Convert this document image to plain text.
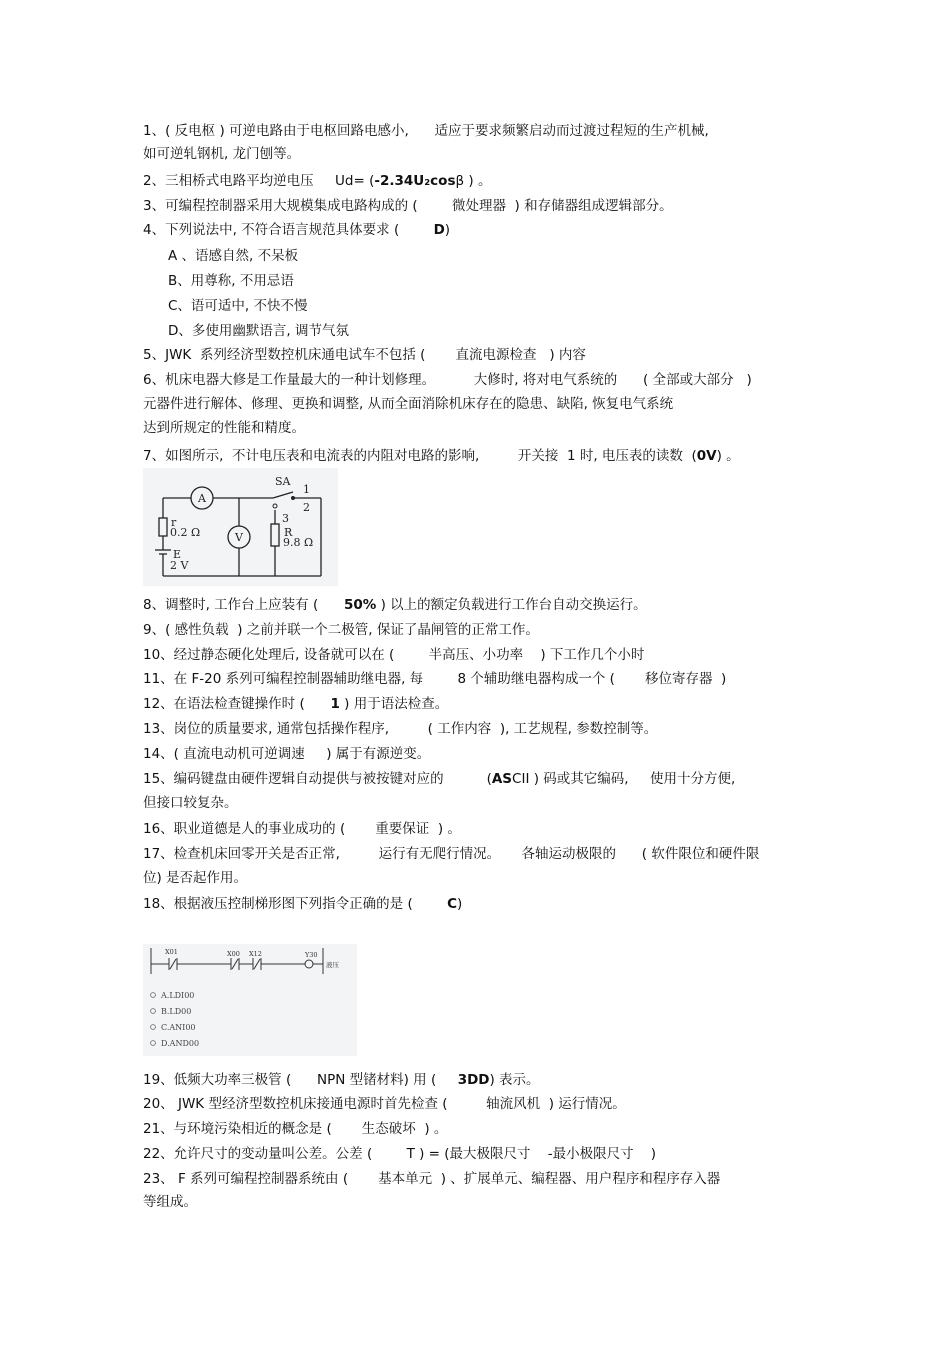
1、( 反电枢 ) 可逆电路由于电枢回路电感小,      适应于要求频繁启动而过渡过程短的生产机械,
如可逆轧钢机, 龙门刨等。
2、三相桥式电路平均逆电压     Ud= (-2.34U₂cosβ ) 。
3、可编程控制器采用大规模集成电路构成的 (        微处理器  ) 和存储器组成逻辑部分。
4、下列说法中, 不符合语言规范具体要求 (        D)
A 、语感自然, 不呆板
B、用尊称, 不用忌语
C、语可适中, 不快不慢
D、多使用幽默语言, 调节气氛
5、JWK  系列经济型数控机床通电试车不包括 (       直流电源检查   ) 内容
6、机床电器大修是工作量最大的一种计划修理。         大修时, 将对电气系统的      ( 全部或大部分   )
元器件进行解体、修理、更换和调整, 从而全面消除机床存在的隐患、缺陷, 恢复电气系统
达到所规定的性能和精度。
7、如图所示,  不计电压表和电流表的内阻对电路的影响,         开关接  1 时, 电压表的读数  (0V) 。
A
V
SA
1
2
3
r
0.2 Ω	R
9.8 Ω
E
2 V
8、调整时, 工作台上应装有 (      50% ) 以上的额定负载进行工作台自动交换运行。
9、( 感性负载  ) 之前并联一个二极管, 保证了晶闸管的正常工作。
10、经过静态硬化处理后, 设备就可以在 (        半高压、小功率    ) 下工作几个小时
11、在 F-20 系列可编程控制器辅助继电器, 每        8 个辅助继电器构成一个 (       移位寄存器  )
12、在语法检查键操作时 (      1 ) 用于语法检查。
13、岗位的质量要求, 通常包括操作程序,         ( 工作内容  ), 工艺规程, 参数控制等。
14、( 直流电动机可逆调速     ) 属于有源逆变。
15、编码键盘由硬件逻辑自动提供与被按键对应的          (ASCII ) 码或其它编码,     使用十分方便,
但接口较复杂。
16、职业道德是人的事业成功的 (       重要保证  ) 。
17、检查机床回零开关是否正常,         运行有无爬行情况。     各轴运动极限的      ( 软件限位和硬件限
位) 是否起作用。
18、根据液压控制梯形图下列指令正确的是 (        C)
X01	X00 X12	Y30
液压
A.LDI00
B.LD00
C.ANI00
D.AND00
19、低频大功率三极管 (      NPN 型锗材料) 用 (     3DD) 表示。
20、 JWK 型经济型数控机床接通电源时首先检查 (         轴流风机  ) 运行情况。
21、与环境污染相近的概念是 (       生态破坏  ) 。
22、允许尺寸的变动量叫公差。公差 (        T ) = (最大极限尺寸    -最小极限尺寸    )
23、 F 系列可编程控制器系统由 (       基本单元  ) 、扩展单元、编程器、用户程序和程序存入器
等组成。
